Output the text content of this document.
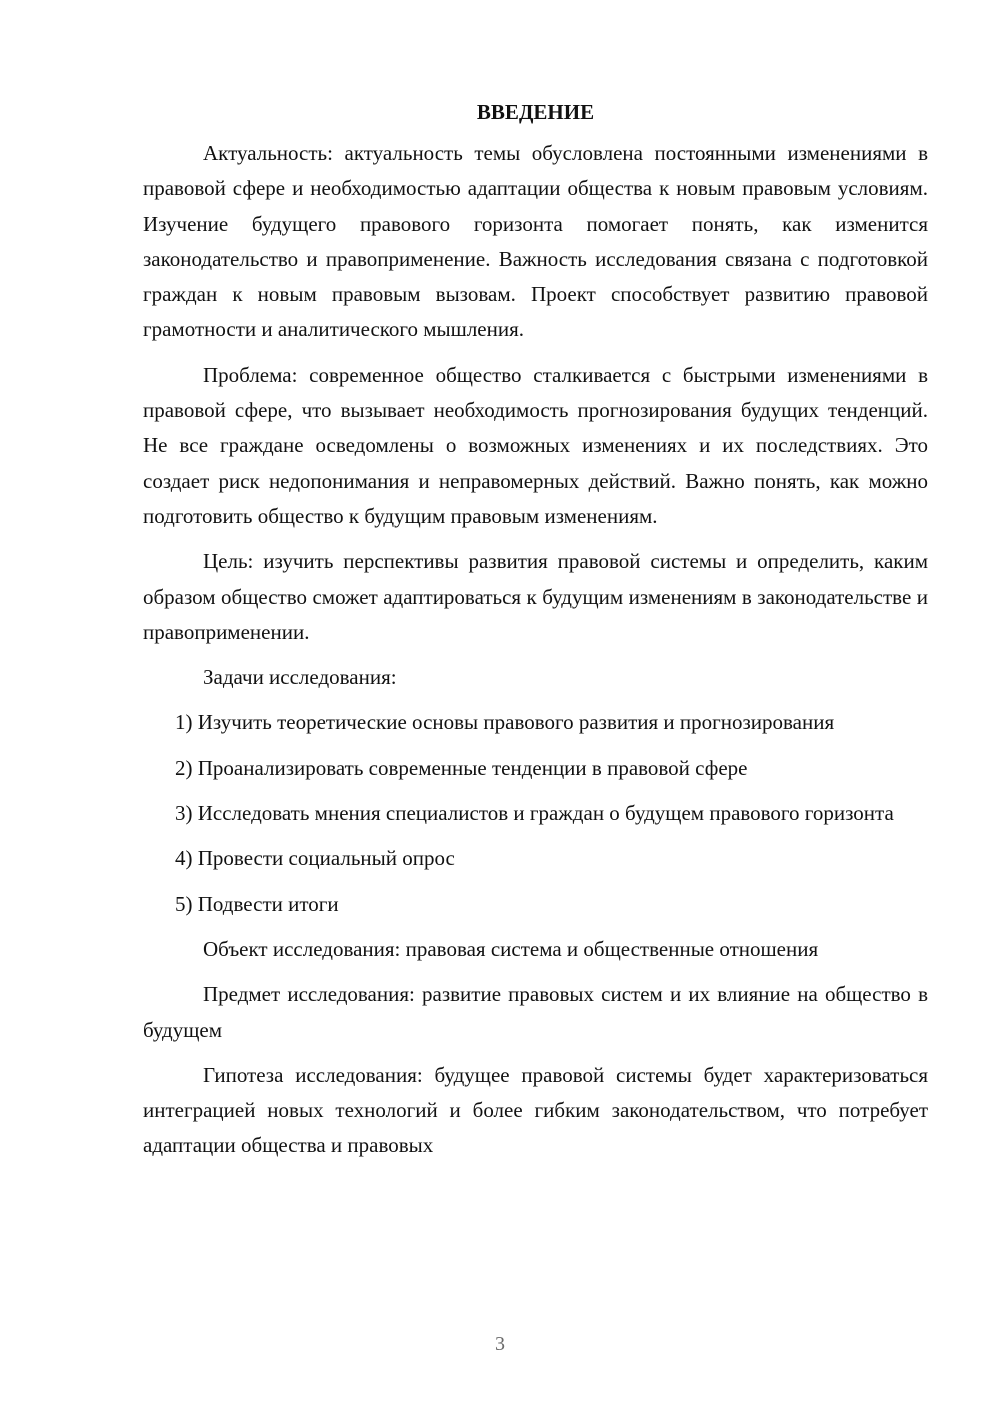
ВВЕДЕНИЕ

Актуальность: актуальность темы обусловлена постоянными изменениями в правовой сфере и необходимостью адаптации общества к новым правовым условиям. Изучение будущего правового горизонта помогает понять, как изменится законодательство и правоприменение. Важность исследования связана с подготовкой граждан к новым правовым вызовам. Проект способствует развитию правовой грамотности и аналитического мышления.

Проблема: современное общество сталкивается с быстрыми изменениями в правовой сфере, что вызывает необходимость прогнозирования будущих тенденций. Не все граждане осведомлены о возможных изменениях и их последствиях. Это создает риск недопонимания и неправомерных действий. Важно понять, как можно подготовить общество к будущим правовым изменениям.

Цель: изучить перспективы развития правовой системы и определить, каким образом общество сможет адаптироваться к будущим изменениям в законодательстве и правоприменении.

Задачи исследования:

1) Изучить теоретические основы правового развития и прогнозирования

2) Проанализировать современные тенденции в правовой сфере

3) Исследовать мнения специалистов и граждан о будущем правового горизонта

4) Провести социальный опрос

5) Подвести итоги

Объект исследования: правовая система и общественные отношения

Предмет исследования: развитие правовых систем и их влияние на общество в будущем

Гипотеза исследования: будущее правовой системы будет характеризоваться интеграцией новых технологий и более гибким законодательством, что потребует адаптации общества и правовых

3
